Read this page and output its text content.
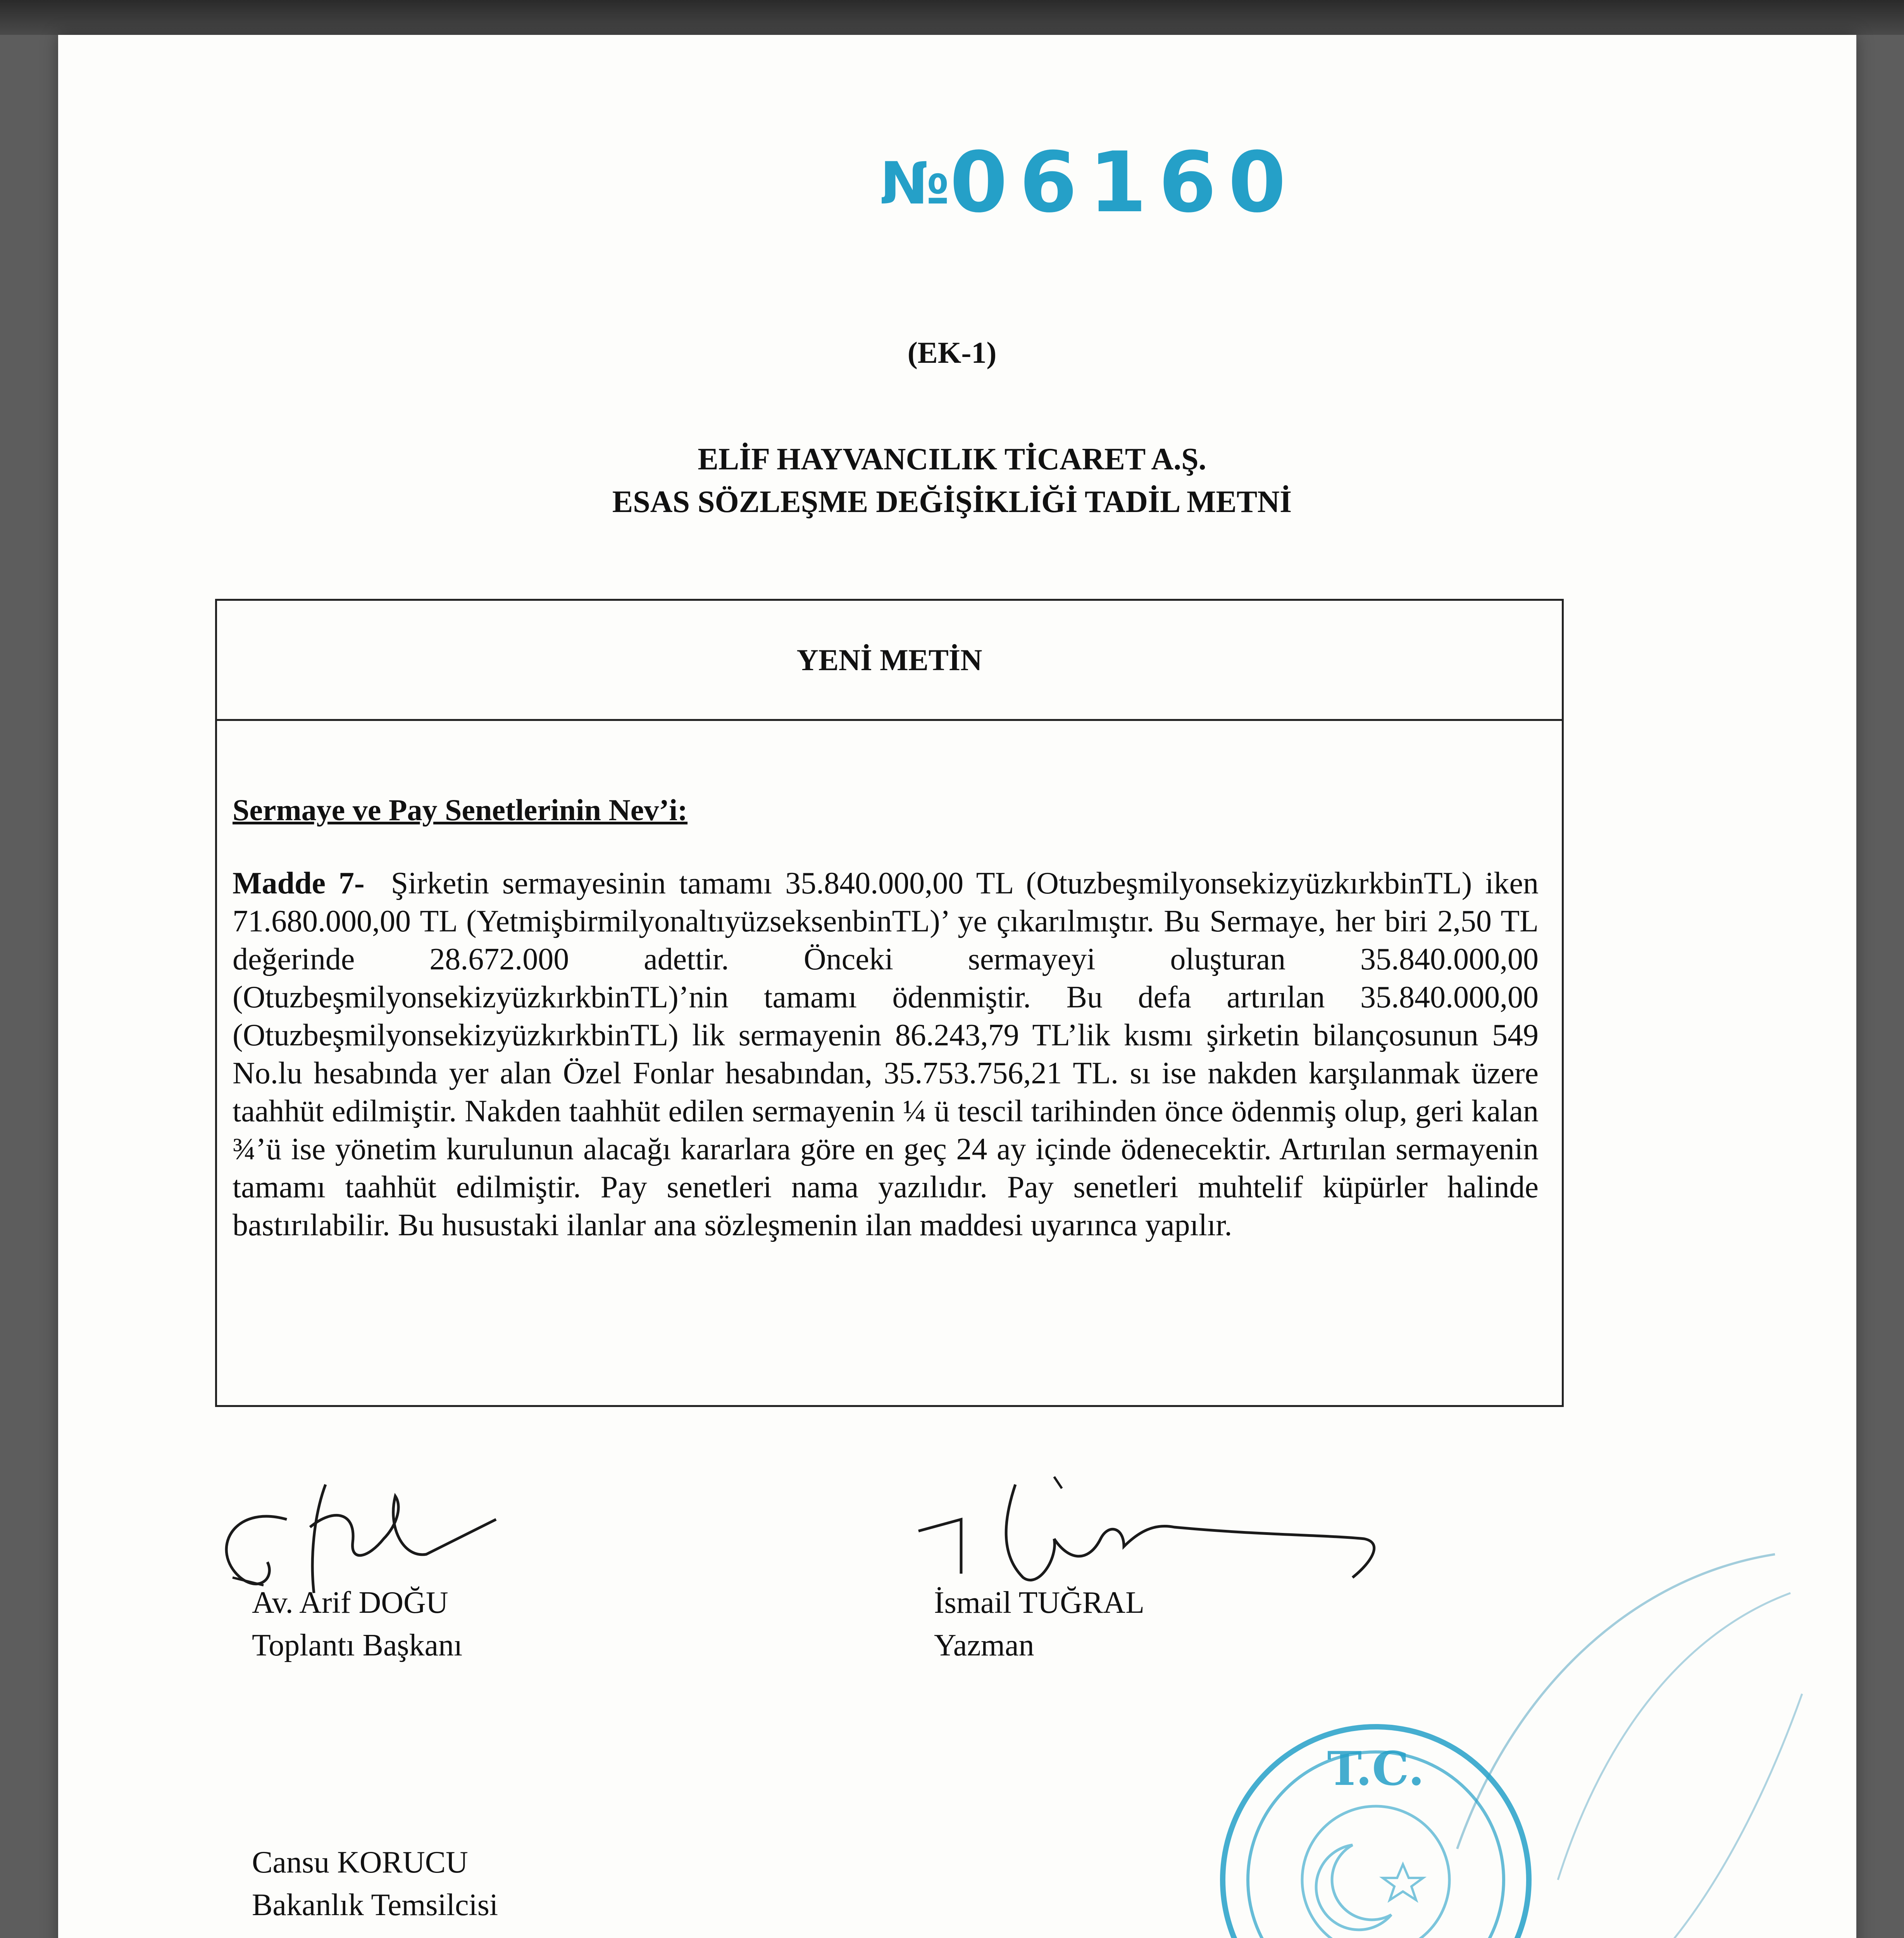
№06160
(EK-1)
ELİF HAYVANCILIK TİCARET A.Ş.
ESAS SÖZLEŞME DEĞİŞİKLİĞİ TADİL METNİ
YENİ METİN

Sermaye ve Pay Senetlerinin Nev’i:

Madde 7- Şirketin sermayesinin tamamı 35.840.000,00 TL (OtuzbeşmilyonsekizyüzkırkbinTL) iken 71.680.000,00 TL (YetmişbirmilyonaltıyüzseksenbinTL)’ ye çıkarılmıştır. Bu Sermaye, her biri 2,50 TL değerinde 28.672.000 adettir. Önceki sermayeyi oluşturan 35.840.000,00 (OtuzbeşmilyonsekizyüzkırkbinTL)’nin tamamı ödenmiştir. Bu defa artırılan 35.840.000,00 (OtuzbeşmilyonsekizyüzkırkbinTL) lik sermayenin 86.243,79 TL’lik kısmı şirketin bilançosunun 549 No.lu hesabında yer alan Özel Fonlar hesabından, 35.753.756,21 TL. sı ise nakden karşılanmak üzere taahhüt edilmiştir. Nakden taahhüt edilen sermayenin ¼ ü tescil tarihinden önce ödenmiş olup, geri kalan ¾’ü ise yönetim kurulunun alacağı kararlara göre en geç 24 ay içinde ödenecektir. Artırılan sermayenin tamamı taahhüt edilmiştir. Pay senetleri nama yazılıdır. Pay senetleri muhtelif küpürler halinde bastırılabilir. Bu husustaki ilanlar ana sözleşmenin ilan maddesi uyarınca yapılır.

Av. Arif DOĞU
Toplantı Başkanı
İsmail TUĞRAL
Yazman
Cansu KORUCU
Bakanlık Temsilcisi
T.C.
